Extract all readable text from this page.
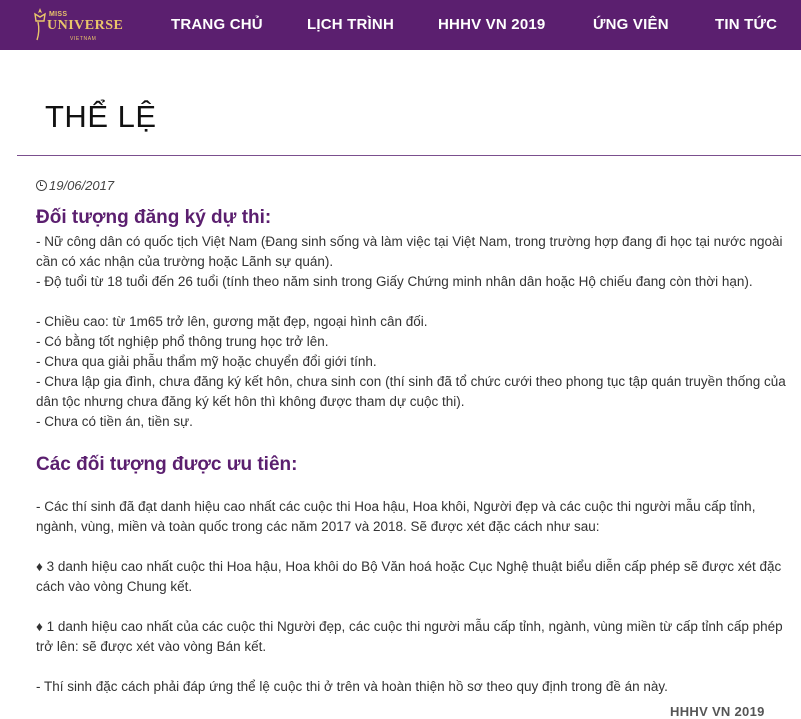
MISS
UNIVERSE
VIETNAM
TRANG CHỦ	LỊCH TRÌNH	HHHV VN 2019	ỨNG VIÊN	TIN TỨC
THỂ LỆ
19/06/2017
Đối tượng đăng ký dự thi:

- Nữ công dân có quốc tịch Việt Nam (Đang sinh sống và làm việc tại Việt Nam, trong trường hợp đang đi học tại nước ngoài cần có xác nhận của trường hoặc Lãnh sự quán).

- Độ tuổi từ 18 tuổi đến 26 tuổi (tính theo năm sinh trong Giấy Chứng minh nhân dân hoặc Hộ chiếu đang còn thời hạn).

- Chiều cao: từ 1m65 trở lên, gương mặt đẹp, ngoại hình cân đối.

- Có bằng tốt nghiệp phổ thông trung học trở lên.

- Chưa qua giải phẫu thẩm mỹ hoặc chuyển đổi giới tính.

- Chưa lập gia đình, chưa đăng ký kết hôn, chưa sinh con (thí sinh đã tổ chức cưới theo phong tục tập quán truyền thống của dân tộc nhưng chưa đăng ký kết hôn thì không được tham dự cuộc thi).

- Chưa có tiền án, tiền sự.

Các đối tượng được ưu tiên:

- Các thí sinh đã đạt danh hiệu cao nhất các cuộc thi Hoa hậu, Hoa khôi, Người đẹp và các cuộc thi người mẫu cấp tỉnh, ngành, vùng, miền và toàn quốc trong các năm 2017 và 2018. Sẽ được xét đặc cách như sau:

♦ 3 danh hiệu cao nhất cuộc thi Hoa hậu, Hoa khôi do Bộ Văn hoá hoặc Cục Nghệ thuật biểu diễn cấp phép sẽ được xét đặc cách vào vòng Chung kết.

♦ 1 danh hiệu cao nhất của các cuộc thi Người đẹp, các cuộc thi người mẫu cấp tỉnh, ngành, vùng miền từ cấp tỉnh cấp phép trở lên: sẽ được xét vào vòng Bán kết.

- Thí sinh đặc cách phải đáp ứng thể lệ cuộc thi ở trên và hoàn thiện hồ sơ theo quy định trong đề án này.

HHHV VN 2019
